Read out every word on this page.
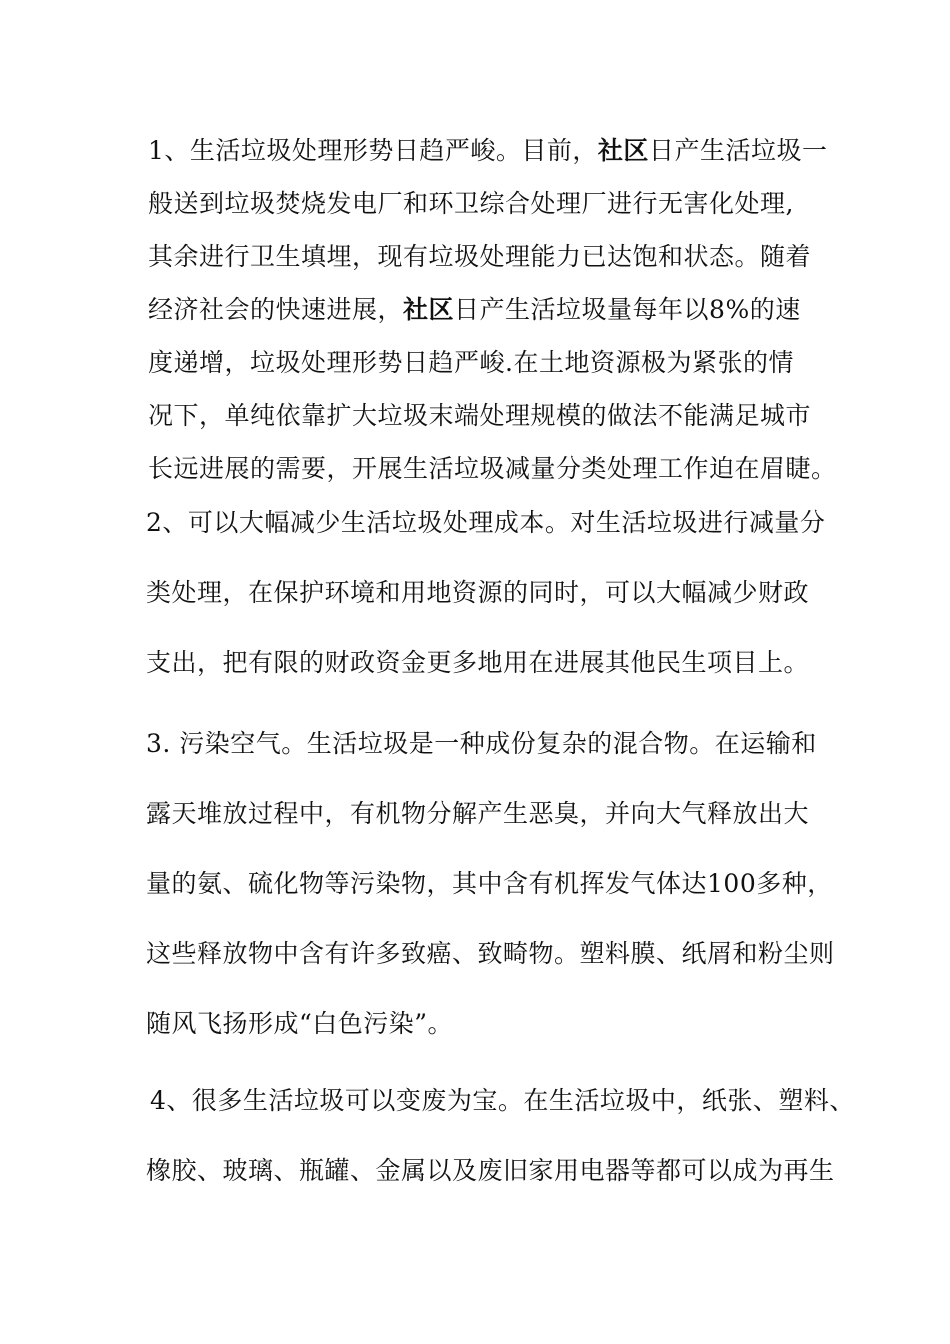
1、生活垃圾处理形势日趋严峻。目前，社区日产生活垃圾一
般送到垃圾焚烧发电厂和环卫综合处理厂进行无害化处理,
其余进行卫生填埋，现有垃圾处理能力已达饱和状态。随着
经济社会的快速进展，社区日产生活垃圾量每年以8%的速
度递增，垃圾处理形势日趋严峻.在土地资源极为紧张的情
况下，单纯依靠扩大垃圾末端处理规模的做法不能满足城市
长远进展的需要，开展生活垃圾减量分类处理工作迫在眉睫。
2、可以大幅减少生活垃圾处理成本。对生活垃圾进行减量分
类处理，在保护环境和用地资源的同时，可以大幅减少财政
支出，把有限的财政资金更多地用在进展其他民生项目上。
3. 污染空气。生活垃圾是一种成份复杂的混合物。在运输和
露天堆放过程中，有机物分解产生恶臭，并向大气释放出大
量的氨、硫化物等污染物，其中含有机挥发气体达100多种，
这些释放物中含有许多致癌、致畸物。塑料膜、纸屑和粉尘则
随风飞扬形成“白色污染”。
4、很多生活垃圾可以变废为宝。在生活垃圾中，纸张、塑料、
橡胶、玻璃、瓶罐、金属以及废旧家用电器等都可以成为再生
